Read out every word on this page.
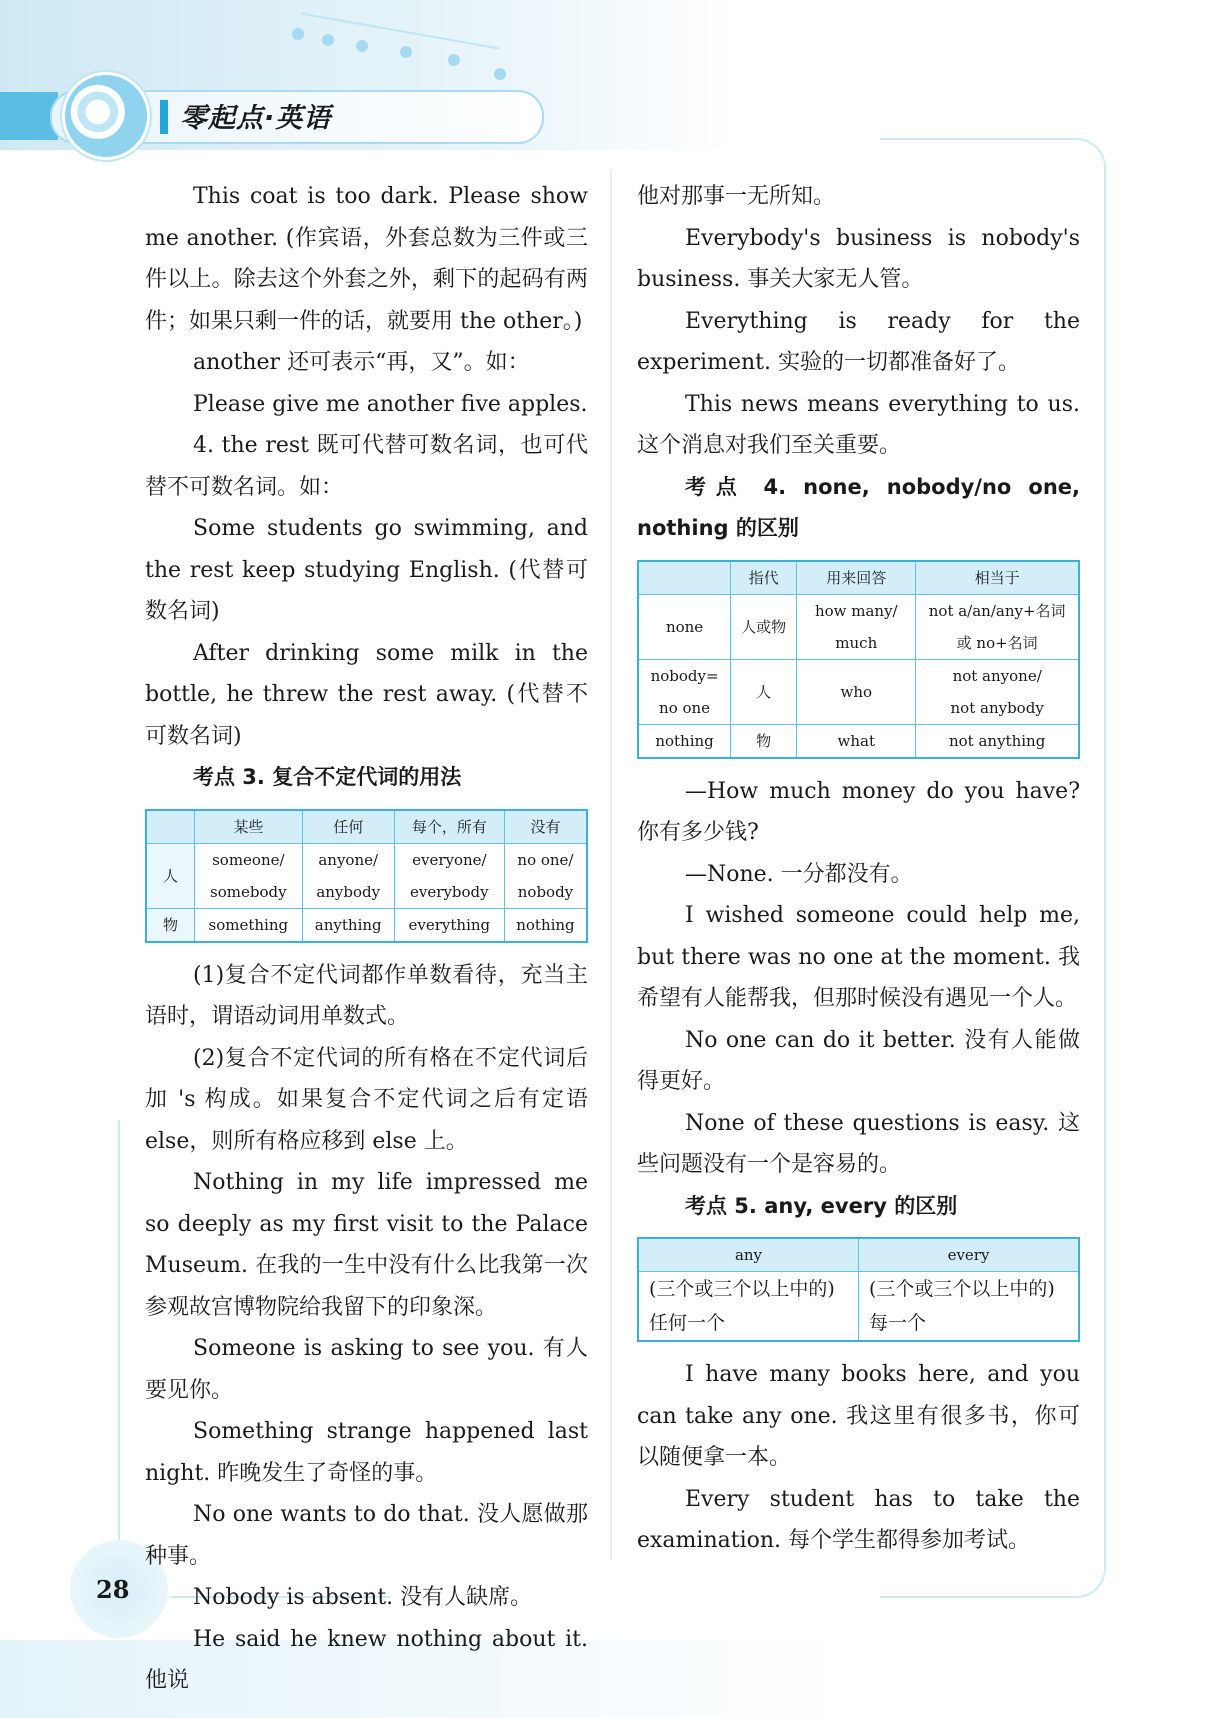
零起点·英语
28

This coat is too dark. Please show me another. (作宾语，外套总数为三件或三件以上。除去这个外套之外，剩下的起码有两件；如果只剩一件的话，就要用 the other。)

another 还可表示“再，又”。如：

Please give me another five apples.

4. the rest 既可代替可数名词，也可代替不可数名词。如：

Some students go swimming, and the rest keep studying English. (代替可数名词)

After drinking some milk in the bottle, he threw the rest away. (代替不可数名词)

考点 3. 复合不定代词的用法

	某些	任何	每个，所有	没有
人	someone/	anyone/	everyone/	no one/
	somebody	anybody	everybody	nobody
物	something	anything	everything	nothing

(1)复合不定代词都作单数看待，充当主语时，谓语动词用单数式。

(2)复合不定代词的所有格在不定代词后加 's 构成。如果复合不定代词之后有定语 else，则所有格应移到 else 上。

Nothing in my life impressed me so deeply as my first visit to the Palace Museum. 在我的一生中没有什么比我第一次参观故宫博物院给我留下的印象深。

Someone is asking to see you. 有人要见你。

Something strange happened last night. 昨晚发生了奇怪的事。

No one wants to do that. 没人愿做那种事。

Nobody is absent. 没有人缺席。

He said he knew nothing about it. 他说

他对那事一无所知。

Everybody's business is nobody's business. 事关大家无人管。

Everything is ready for the experiment. 实验的一切都准备好了。

This news means everything to us. 这个消息对我们至关重要。

考点 4. none, nobody/no one, nothing 的区别

	指代	用来回答	相当于
none	人或物	how many/	not a/an/any+名词
		much	或 no+名词
nobody=	人	who	not anyone/
no one			not anybody
nothing	物	what	not anything

—How much money do you have? 你有多少钱?

—None. 一分都没有。

I wished someone could help me, but there was no one at the moment. 我希望有人能帮我，但那时候没有遇见一个人。

No one can do it better. 没有人能做得更好。

None of these questions is easy. 这些问题没有一个是容易的。

考点 5. any, every 的区别

any	every
(三个或三个以上中的)任何一个	(三个或三个以上中的)每一个

I have many books here, and you can take any one. 我这里有很多书，你可以随便拿一本。

Every student has to take the examination. 每个学生都得参加考试。
